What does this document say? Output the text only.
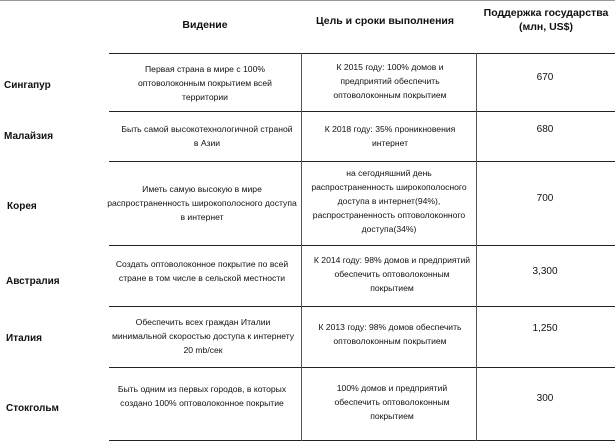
Видение	Цель и сроки выполнения
Поддержка государства (млн, US$)
Сингапур
Первая страна в мире с 100% оптоволоконным покрытием всей территории
К 2015 году: 100% домов и предприятий обеспечить оптоволоконным покрытием
670
Малайзия
Быть самой высокотехнологичной страной в Азии
К 2018 году: 35% проникновения интернет
680
Корея
Иметь самую высокую в мире распространенность широкополосного доступа в интернет
на сегодняшний день распространенность широкополосного доступа в интернет(94%), распространенность оптоволоконного доступа(34%)
700
Австралия
Создать оптоволоконное покрытие по всей стране в том числе в сельской местности
К 2014 году: 98% домов и предприятий обеспечить оптоволоконным покрытием
3,300
Италия
Обеспечить всех граждан Италии минимальной скоростью доступа к интернету 20 mb/сек
К 2013 году: 98% домов обеспечить оптоволоконным покрытием
1,250
Стокгольм
Быть одним из первых городов, в которых создано 100% оптоволоконное покрытие
100% домов и предприятий обеспечить оптоволоконным покрытием
300
